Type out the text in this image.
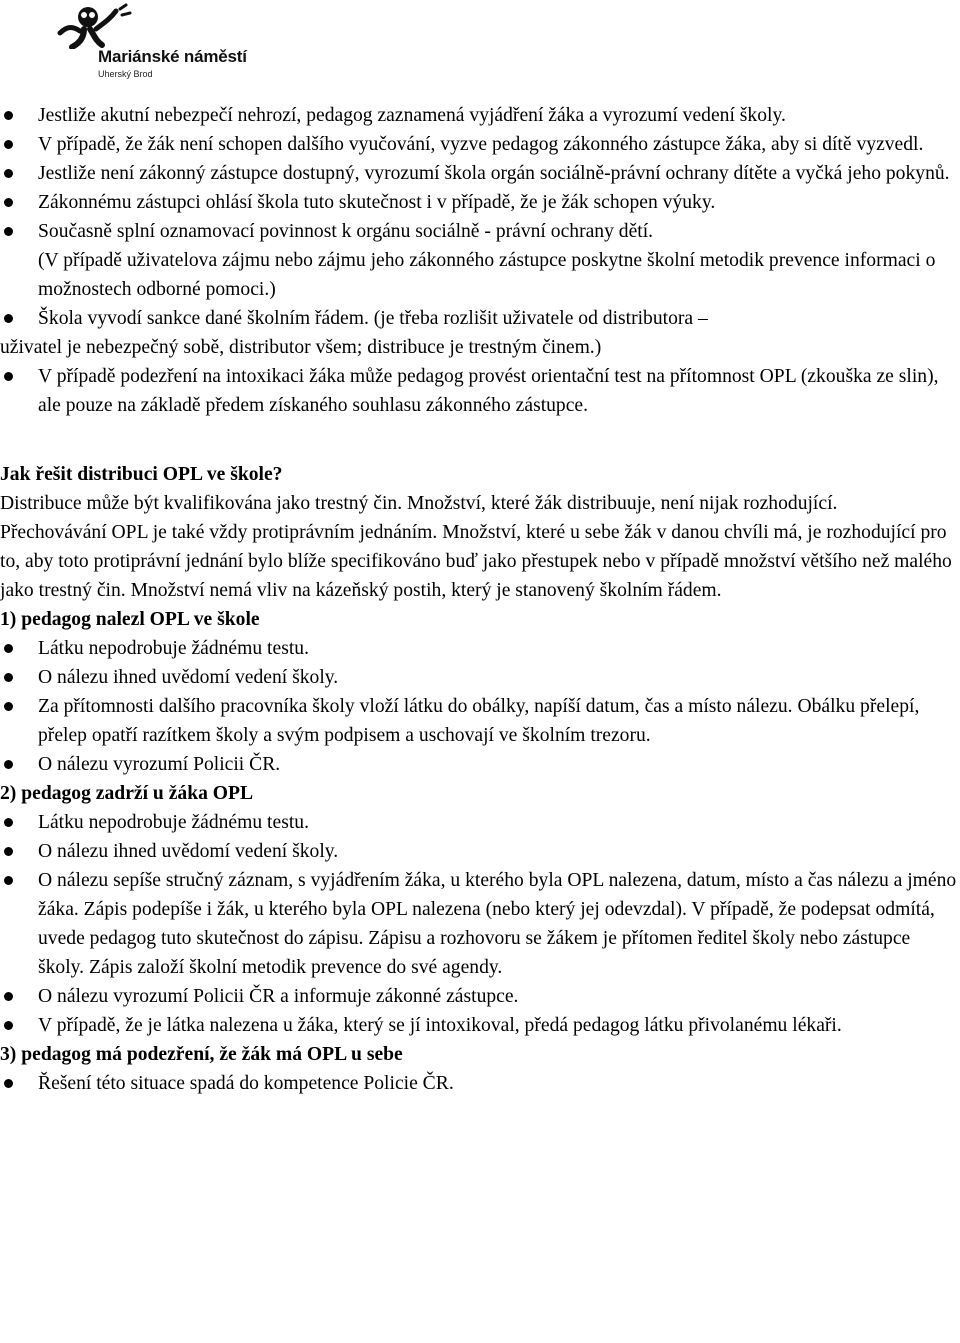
Mariánské náměstí
Uherský Brod
Jestliže akutní nebezpečí nehrozí, pedagog zaznamená vyjádření žáka a vyrozumí vedení školy.
V případě, že žák není schopen dalšího vyučování, vyzve pedagog zákonného zástupce žáka, aby si dítě vyzvedl.
Jestliže není zákonný zástupce dostupný, vyrozumí škola orgán sociálně-právní ochrany dítěte a vyčká jeho pokynů.
Zákonnému zástupci ohlásí škola tuto skutečnost i v případě, že je žák schopen výuky.
Současně splní oznamovací povinnost k orgánu sociálně - právní ochrany dětí.

(V případě uživatelova zájmu nebo zájmu jeho zákonného zástupce poskytne školní metodik prevence informaci o možnostech odborné pomoci.)

Škola vyvodí sankce dané školním řádem. (je třeba rozlišit uživatele od distributora –
uživatel je nebezpečný sobě, distributor všem; distribuce je trestným činem.)
V případě podezření na intoxikaci žáka může pedagog provést orientační test na přítomnost OPL (zkouška ze slin), ale pouze na základě předem získaného souhlasu zákonného zástupce.

Jak řešit distribuci OPL ve škole?

Distribuce může být kvalifikována jako trestný čin. Množství, které žák distribuuje, není nijak rozhodující.

Přechovávání OPL je také vždy protiprávním jednáním. Množství, které u sebe žák v danou chvíli má, je rozhodující pro to, aby toto protiprávní jednání bylo blíže specifikováno buď jako přestupek nebo v případě množství většího než malého jako trestný čin. Množství nemá vliv na kázeňský postih, který je stanovený školním řádem.

1) pedagog nalezl OPL ve škole

Látku nepodrobuje žádnému testu.
O nálezu ihned uvědomí vedení školy.
Za přítomnosti dalšího pracovníka školy vloží látku do obálky, napíší datum, čas a místo nálezu. Obálku přelepí, přelep opatří razítkem školy a svým podpisem a uschovají ve školním trezoru.
O nálezu vyrozumí Policii ČR.

2) pedagog zadrží u žáka OPL

Látku nepodrobuje žádnému testu.
O nálezu ihned uvědomí vedení školy.
O nálezu sepíše stručný záznam, s vyjádřením žáka, u kterého byla OPL nalezena, datum, místo a čas nálezu a jméno žáka. Zápis podepíše i žák, u kterého byla OPL nalezena (nebo který jej odevzdal). V případě, že podepsat odmítá, uvede pedagog tuto skutečnost do zápisu. Zápisu a rozhovoru se žákem je přítomen ředitel školy nebo zástupce školy. Zápis založí školní metodik prevence do své agendy.
O nálezu vyrozumí Policii ČR a informuje zákonné zástupce.
V případě, že je látka nalezena u žáka, který se jí intoxikoval, předá pedagog látku přivolanému lékaři.

3) pedagog má podezření, že žák má OPL u sebe

Řešení této situace spadá do kompetence Policie ČR.
